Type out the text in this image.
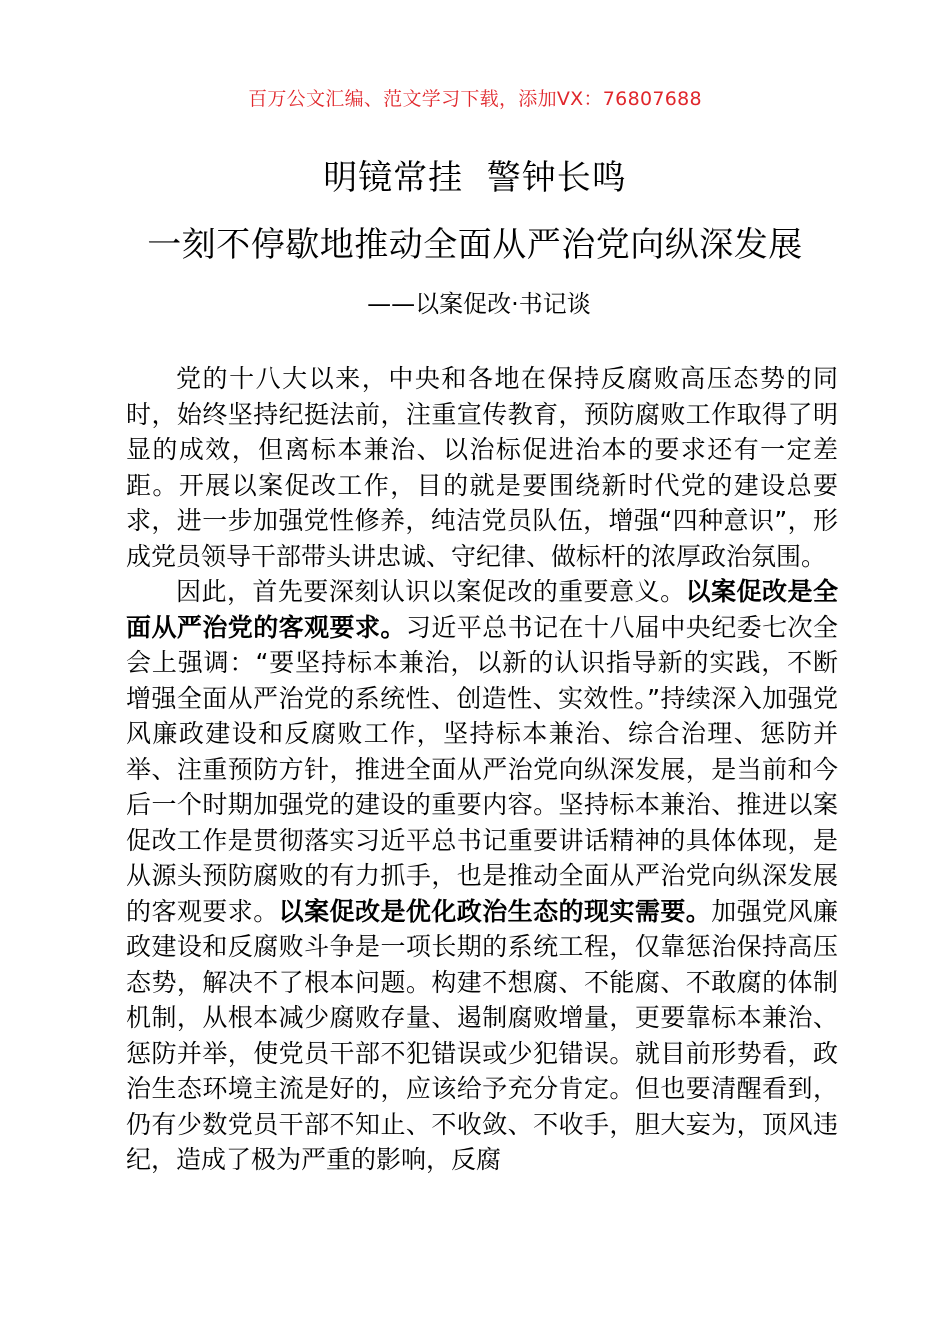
百万公文汇编、范文学习下载，添加VX：76807688
明镜常挂  警钟长鸣
一刻不停歇地推动全面从严治党向纵深发展
——以案促改·书记谈

党的十八大以来，中央和各地在保持反腐败高压态势的同时，始终坚持纪挺法前，注重宣传教育，预防腐败工作取得了明显的成效，但离标本兼治、以治标促进治本的要求还有一定差距。开展以案促改工作，目的就是要围绕新时代党的建设总要求，进一步加强党性修养，纯洁党员队伍，增强“四种意识”，形成党员领导干部带头讲忠诚、守纪律、做标杆的浓厚政治氛围。

因此，首先要深刻认识以案促改的重要意义。以案促改是全面从严治党的客观要求。习近平总书记在十八届中央纪委七次全会上强调：“要坚持标本兼治，以新的认识指导新的实践，不断增强全面从严治党的系统性、创造性、实效性。”持续深入加强党风廉政建设和反腐败工作，坚持标本兼治、综合治理、惩防并举、注重预防方针，推进全面从严治党向纵深发展，是当前和今后一个时期加强党的建设的重要内容。坚持标本兼治、推进以案促改工作是贯彻落实习近平总书记重要讲话精神的具体体现，是从源头预防腐败的有力抓手，也是推动全面从严治党向纵深发展的客观要求。以案促改是优化政治生态的现实需要。加强党风廉政建设和反腐败斗争是一项长期的系统工程，仅靠惩治保持高压态势，解决不了根本问题。构建不想腐、不能腐、不敢腐的体制机制，从根本减少腐败存量、遏制腐败增量，更要靠标本兼治、惩防并举，使党员干部不犯错误或少犯错误。就目前形势看，政治生态环境主流是好的，应该给予充分肯定。但也要清醒看到，仍有少数党员干部不知止、不收敛、不收手，胆大妄为，顶风违纪，造成了极为严重的影响，反腐
